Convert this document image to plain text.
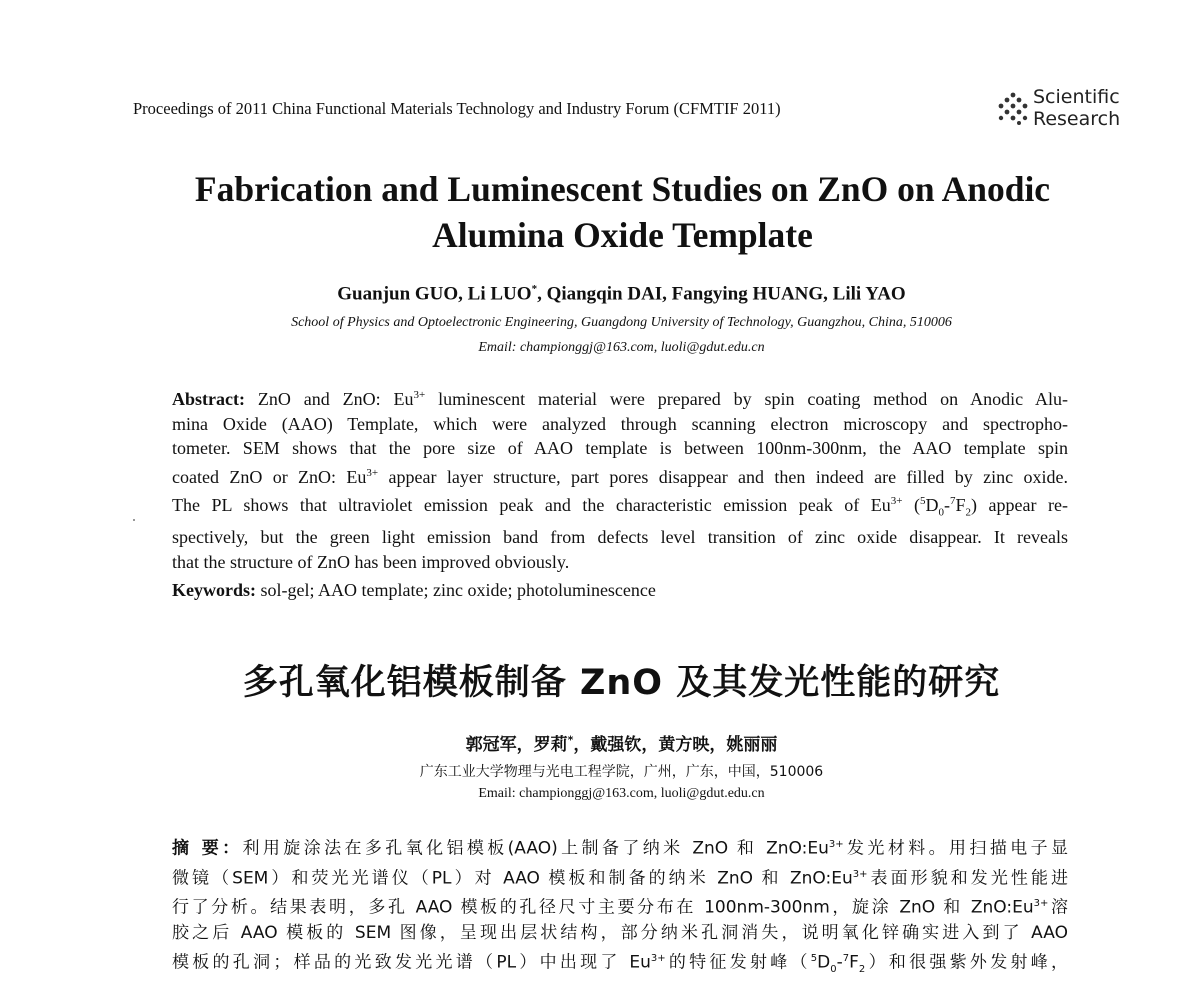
Proceedings of 2011 China Functional Materials Technology and Industry Forum (CFMTIF 2011)
Scientific
Research
Fabrication and Luminescent Studies on ZnO on Anodic
Alumina Oxide Template
Guanjun GUO, Li LUO*, Qiangqin DAI, Fangying HUANG, Lili YAO
School of Physics and Optoelectronic Engineering, Guangdong University of Technology, Guangzhou, China, 510006
Email: championggj@163.com, luoli@gdut.edu.cn
Abstract: ZnO and ZnO: $Eu^{3+}$ luminescent material were prepared by spin coating method on Anodic Alu-
mina Oxide (AAO) Template, which were analyzed through scanning electron microscopy and spectropho-
tometer. SEM shows that the pore size of AAO template is between 100nm-300nm, the AAO template spin
coated ZnO or ZnO: $Eu^{3+}$ appear layer structure, part pores disappear and then indeed are filled by zinc oxide.
The PL shows that ultraviolet emission peak and the characteristic emission peak of $Eu^{3+}$ $(^5D_0-^7F_2)$ appear re-
spectively, but the green light emission band from defects level transition of zinc oxide disappear. It reveals
that the structure of ZnO has been improved obviously.
Keywords: sol-gel; AAO template; zinc oxide; photoluminescence
多孔氧化铝模板制备 ZnO 及其发光性能的研究
郭冠军，罗莉*，戴强钦，黄方映，姚丽丽
广东工业大学物理与光电工程学院，广州，广东，中国，510006
Email: championggj@163.com, luoli@gdut.edu.cn
摘 要：利用旋涂法在多孔氧化铝模板(AAO)上制备了纳米 ZnO 和 $ZnO:Eu^{3+}$发光材料。用扫描电子显
微镜（SEM）和荧光光谱仪（PL）对 AAO 模板和制备的纳米 ZnO 和 $ZnO:Eu^{3+}$表面形貌和发光性能进
行了分析。结果表明，多孔 AAO 模板的孔径尺寸主要分布在 100nm-300nm，旋涂 ZnO 和 $ZnO:Eu^{3+}$溶
胶之后 AAO 模板的 SEM 图像，呈现出层状结构，部分纳米孔洞消失，说明氧化锌确实进入到了 AAO
模板的孔洞；样品的光致发光光谱（PL）中出现了 $Eu^{3+}$的特征发射峰$(^5D_0-^7F_2)$和很强紫外发射峰，
